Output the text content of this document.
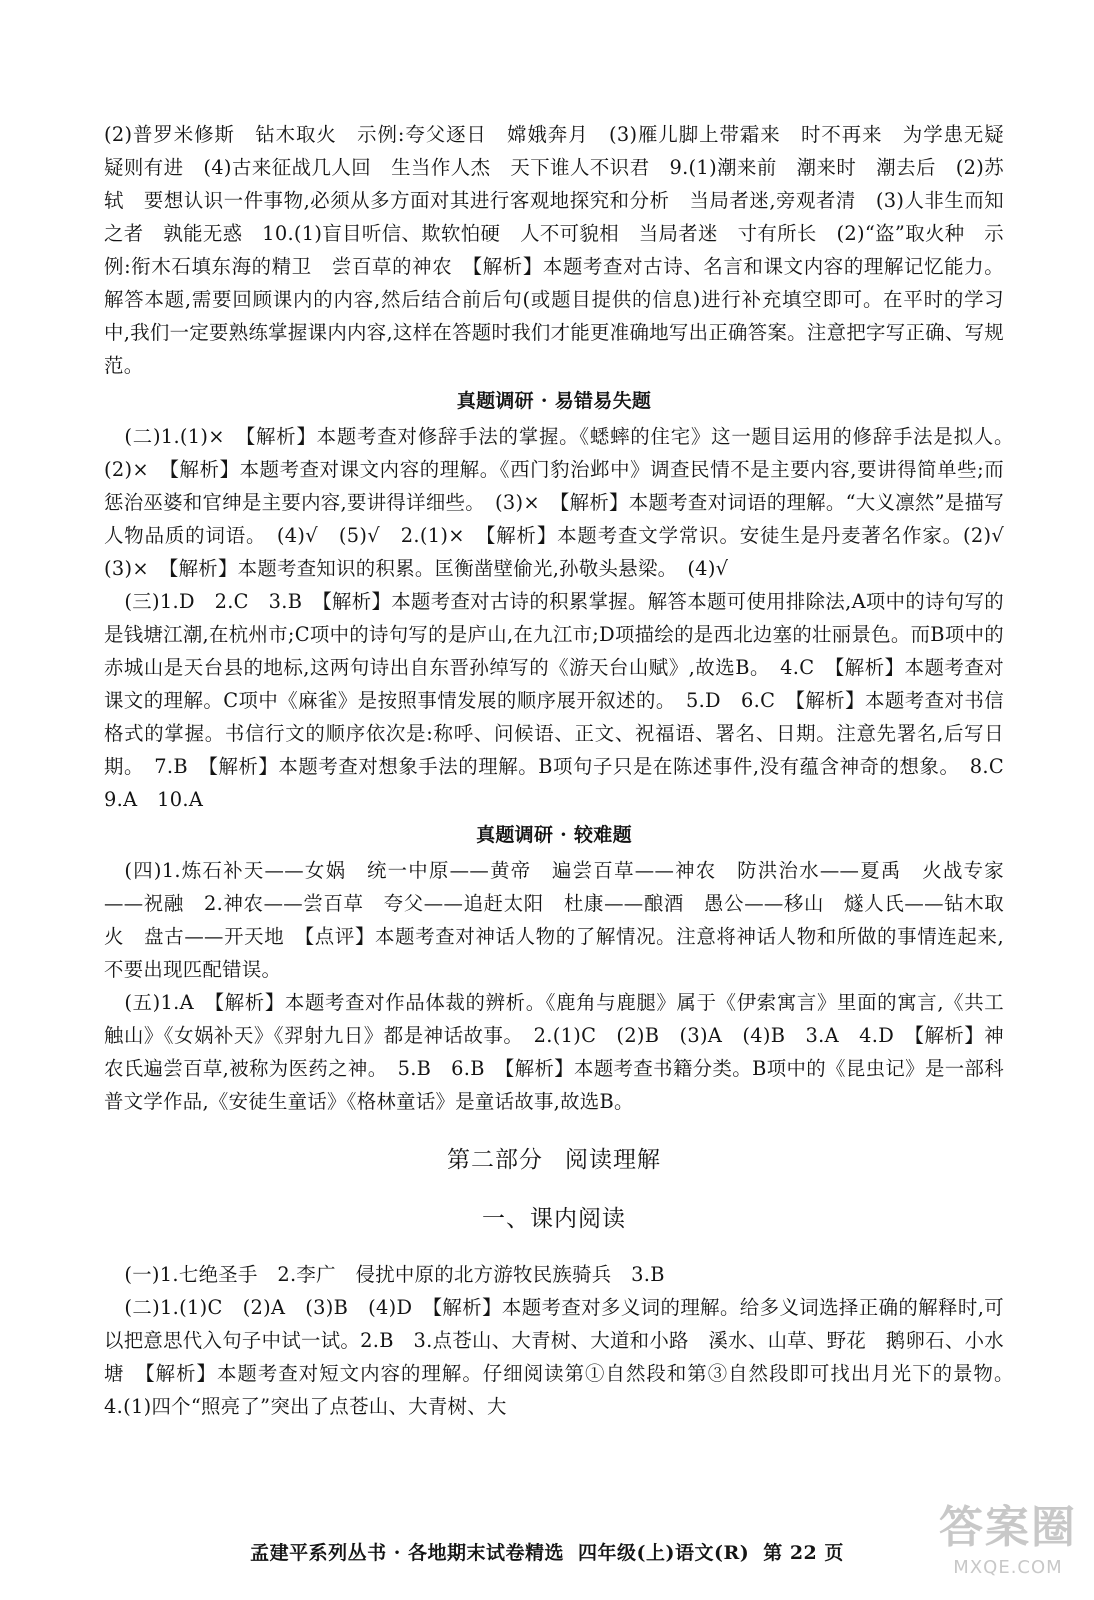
(2)普罗米修斯　钻木取火　示例:夸父逐日　嫦娥奔月　(3)雁儿脚上带霜来　时不再来　为学患无疑　疑则有进　(4)古来征战几人回　生当作人杰　天下谁人不识君　9.(1)潮来前　潮来时　潮去后　(2)苏轼　要想认识一件事物,必须从多方面对其进行客观地探究和分析　当局者迷,旁观者清　(3)人非生而知之者　孰能无惑　10.(1)盲目听信、欺软怕硬　人不可貌相　当局者迷　寸有所长　(2)“盗”取火种　示例:衔木石填东海的精卫　尝百草的神农　【解析】本题考查对古诗、名言和课文内容的理解记忆能力。解答本题,需要回顾课内的内容,然后结合前后句(或题目提供的信息)进行补充填空即可。在平时的学习中,我们一定要熟练掌握课内内容,这样在答题时我们才能更准确地写出正确答案。注意把字写正确、写规范。

真题调研 · 易错易失题

(二)1.(1)×　【解析】本题考查对修辞手法的掌握。《蟋蟀的住宅》这一题目运用的修辞手法是拟人。　(2)×　【解析】本题考查对课文内容的理解。《西门豹治邺中》调查民情不是主要内容,要讲得简单些;而惩治巫婆和官绅是主要内容,要讲得详细些。　(3)×　【解析】本题考查对词语的理解。“大义凛然”是描写人物品质的词语。　(4)√　(5)√　2.(1)×　【解析】本题考查文学常识。安徒生是丹麦著名作家。(2)√　(3)×　【解析】本题考查知识的积累。匡衡凿壁偷光,孙敬头悬梁。　(4)√

(三)1.D　2.C　3.B　【解析】本题考查对古诗的积累掌握。解答本题可使用排除法,A项中的诗句写的是钱塘江潮,在杭州市;C项中的诗句写的是庐山,在九江市;D项描绘的是西北边塞的壮丽景色。而B项中的赤城山是天台县的地标,这两句诗出自东晋孙绰写的《游天台山赋》,故选B。　4.C　【解析】本题考查对课文的理解。C项中《麻雀》是按照事情发展的顺序展开叙述的。　5.D　6.C　【解析】本题考查对书信格式的掌握。书信行文的顺序依次是:称呼、问候语、正文、祝福语、署名、日期。注意先署名,后写日期。　7.B　【解析】本题考查对想象手法的理解。B项句子只是在陈述事件,没有蕴含神奇的想象。　8.C　9.A　10.A

真题调研 · 较难题

(四)1.炼石补天——女娲　统一中原——黄帝　遍尝百草——神农　防洪治水——夏禹　火战专家——祝融　2.神农——尝百草　夸父——追赶太阳　杜康——酿酒　愚公——移山　燧人氏——钻木取火　盘古——开天地　【点评】本题考查对神话人物的了解情况。注意将神话人物和所做的事情连起来,不要出现匹配错误。

(五)1.A　【解析】本题考查对作品体裁的辨析。《鹿角与鹿腿》属于《伊索寓言》里面的寓言,《共工触山》《女娲补天》《羿射九日》都是神话故事。　2.(1)C　(2)B　(3)A　(4)B　3.A　4.D　【解析】神农氏遍尝百草,被称为医药之神。　5.B　6.B　【解析】本题考查书籍分类。B项中的《昆虫记》是一部科普文学作品,《安徒生童话》《格林童话》是童话故事,故选B。

第二部分 阅读理解
一、课内阅读

(一)1.七绝圣手　2.李广　侵扰中原的北方游牧民族骑兵　3.B

(二)1.(1)C　(2)A　(3)B　(4)D　【解析】本题考查对多义词的理解。给多义词选择正确的解释时,可以把意思代入句子中试一试。2.B　3.点苍山、大青树、大道和小路　溪水、山草、野花　鹅卵石、小水塘　【解析】本题考查对短文内容的理解。仔细阅读第①自然段和第③自然段即可找出月光下的景物。　4.(1)四个“照亮了”突出了点苍山、大青树、大

孟建平系列丛书 · 各地期末试卷精选 四年级(上)语文(R) 第 22 页	答案圈
MXQE.COM
